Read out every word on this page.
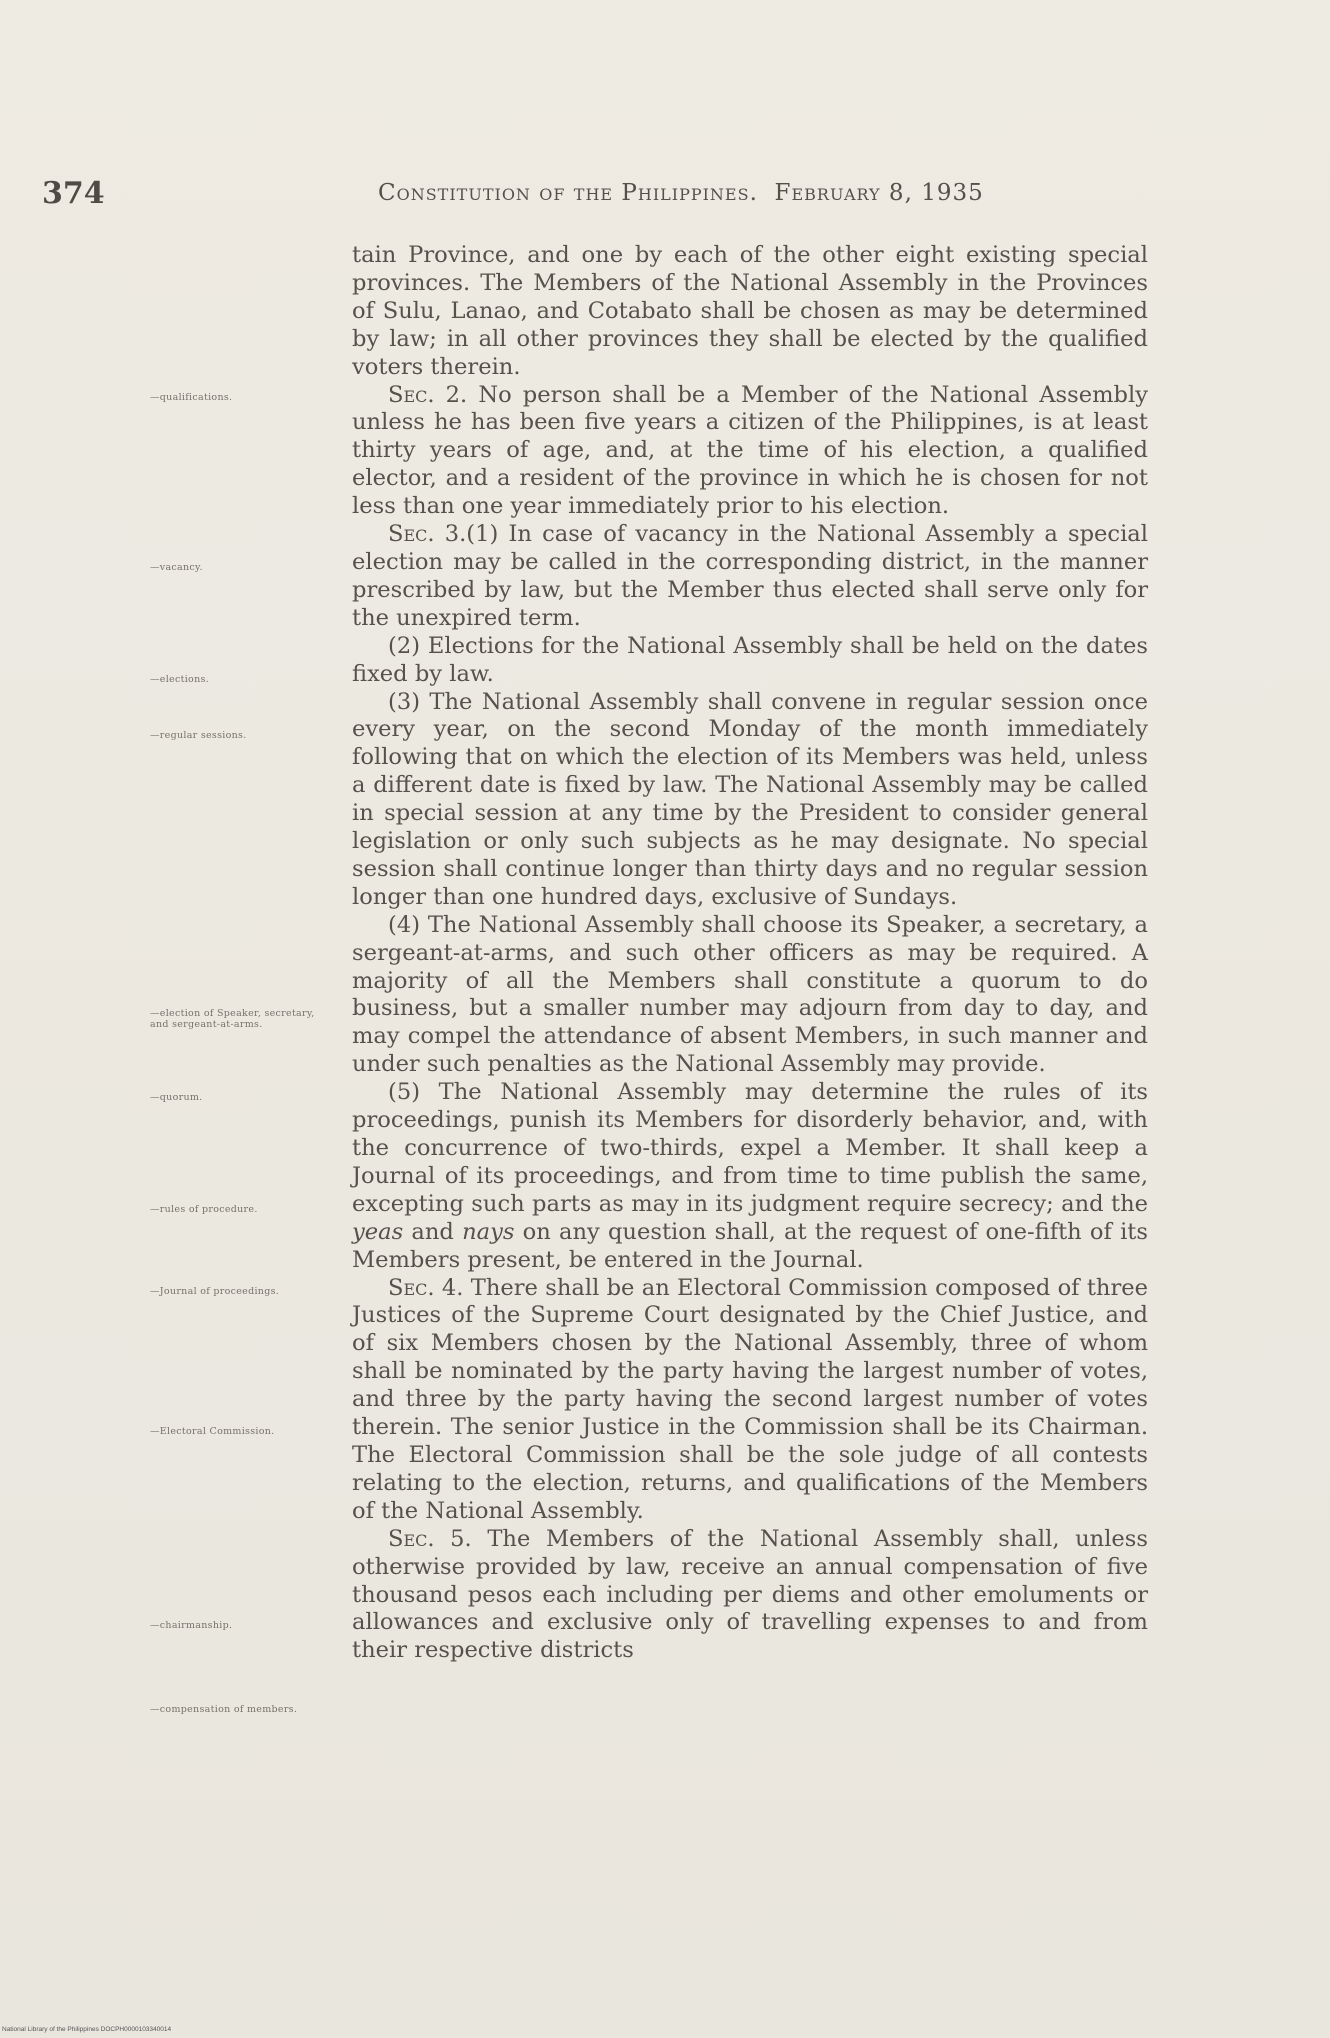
374	Constitution of the Philippines. February 8, 1935
—qualifications.
—vacancy.
—elections.
—regular sessions.
—election of Speaker, secretary, and sergeant-at-arms.
—quorum.
—rules of procedure.
—Journal of proceedings.
—Electoral Commission.
—chairmanship.
—compensation of members.

tain Province, and one by each of the other eight existing special provinces. The Members of the National Assembly in the Provinces of Sulu, Lanao, and Cotabato shall be chosen as may be determined by law; in all other provinces they shall be elected by the qualified voters therein.

Sec. 2. No person shall be a Member of the National Assembly unless he has been five years a citizen of the Philippines, is at least thirty years of age, and, at the time of his election, a qualified elector, and a resident of the province in which he is chosen for not less than one year immediately prior to his election.

Sec. 3.(1) In case of vacancy in the National Assembly a special election may be called in the corresponding district, in the manner prescribed by law, but the Member thus elected shall serve only for the unexpired term.

(2) Elections for the National Assembly shall be held on the dates fixed by law.

(3) The National Assembly shall convene in regular session once every year, on the second Monday of the month immediately following that on which the election of its Members was held, unless a different date is fixed by law. The National Assembly may be called in special session at any time by the President to consider general legislation or only such subjects as he may designate. No special session shall continue longer than thirty days and no regular session longer than one hundred days, exclusive of Sundays.

(4) The National Assembly shall choose its Speaker, a secretary, a sergeant-at-arms, and such other officers as may be required. A majority of all the Members shall constitute a quorum to do business, but a smaller number may adjourn from day to day, and may compel the attendance of absent Members, in such manner and under such penalties as the National Assembly may provide.

(5) The National Assembly may determine the rules of its proceedings, punish its Members for disorderly behavior, and, with the concurrence of two-thirds, expel a Member. It shall keep a Journal of its proceedings, and from time to time publish the same, excepting such parts as may in its judgment require secrecy; and the yeas and nays on any question shall, at the request of one-fifth of its Members present, be entered in the Journal.

Sec. 4. There shall be an Electoral Commission composed of three Justices of the Supreme Court designated by the Chief Justice, and of six Members chosen by the National Assembly, three of whom shall be nominated by the party having the largest number of votes, and three by the party having the second largest number of votes therein. The senior Justice in the Commission shall be its Chairman. The Electoral Commission shall be the sole judge of all contests relating to the election, returns, and qualifications of the Members of the National Assembly.

Sec. 5. The Members of the National Assembly shall, unless otherwise provided by law, receive an annual compensation of five thousand pesos each including per diems and other emoluments or allowances and exclusive only of travelling expenses to and from their respective districts

National Library of the Philippines DOCPH0000103340014
